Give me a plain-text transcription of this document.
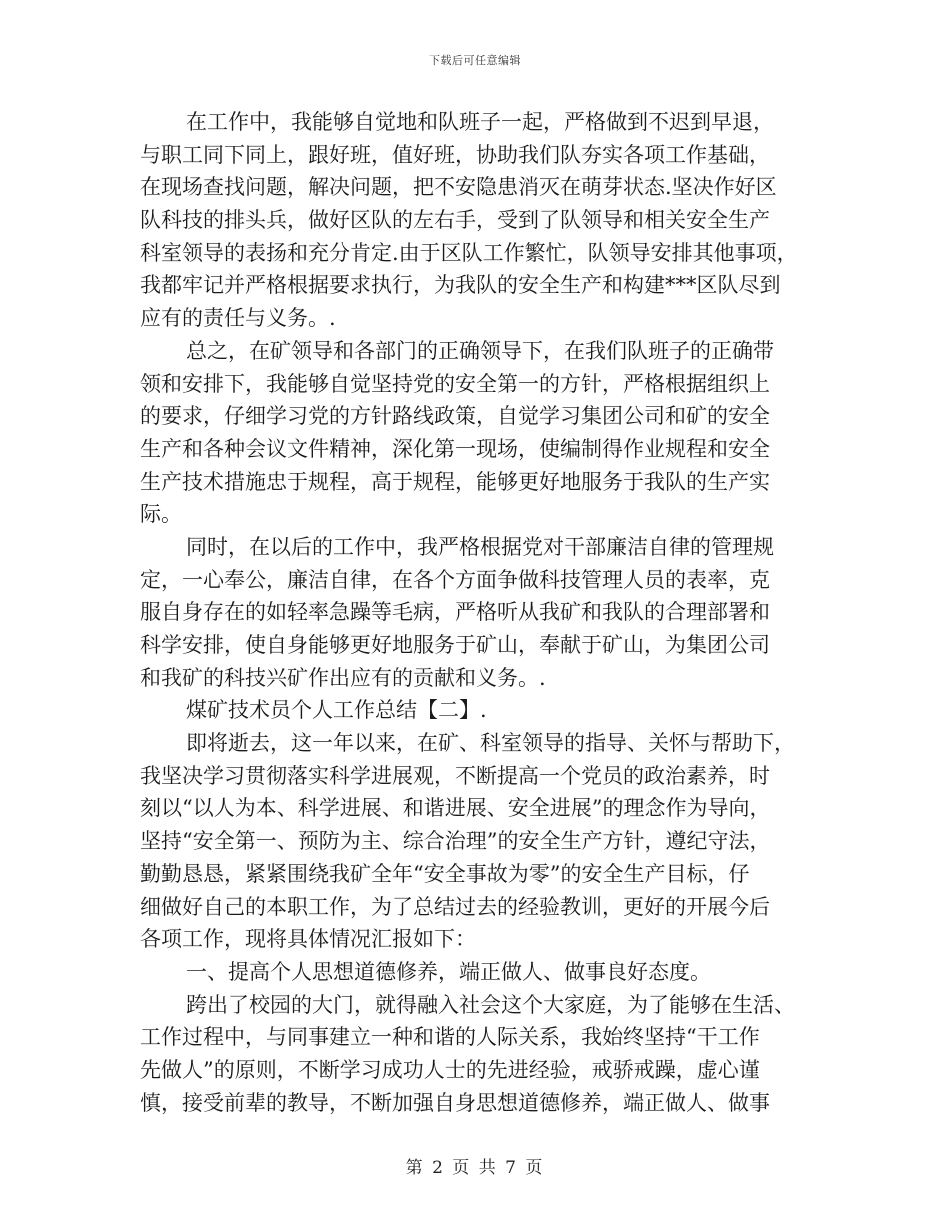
下载后可任意编辑
在工作中，我能够自觉地和队班子一起，严格做到不迟到早退，
与职工同下同上，跟好班，值好班，协助我们队夯实各项工作基础，
在现场查找问题，解决问题，把不安隐患消灭在萌芽状态.坚决作好区
队科技的排头兵，做好区队的左右手，受到了队领导和相关安全生产
科室领导的表扬和充分肯定.由于区队工作繁忙，队领导安排其他事项，
我都牢记并严格根据要求执行，为我队的安全生产和构建***区队尽到
应有的责任与义务。.
总之，在矿领导和各部门的正确领导下，在我们队班子的正确带
领和安排下，我能够自觉坚持党的安全第一的方针，严格根据组织上
的要求，仔细学习党的方针路线政策，自觉学习集团公司和矿的安全
生产和各种会议文件精神，深化第一现场，使编制得作业规程和安全
生产技术措施忠于规程，高于规程，能够更好地服务于我队的生产实
际。
同时，在以后的工作中，我严格根据党对干部廉洁自律的管理规
定，一心奉公，廉洁自律，在各个方面争做科技管理人员的表率，克
服自身存在的如轻率急躁等毛病，严格听从我矿和我队的合理部署和
科学安排，使自身能够更好地服务于矿山，奉献于矿山，为集团公司
和我矿的科技兴矿作出应有的贡献和义务。.
煤矿技术员个人工作总结【二】.
即将逝去，这一年以来，在矿、科室领导的指导、关怀与帮助下，
我坚决学习贯彻落实科学进展观，不断提高一个党员的政治素养，时
刻以“以人为本、科学进展、和谐进展、安全进展”的理念作为导向，
坚持“安全第一、预防为主、综合治理”的安全生产方针，遵纪守法，
勤勤恳恳，紧紧围绕我矿全年“安全事故为零”的安全生产目标，仔
细做好自己的本职工作，为了总结过去的经验教训，更好的开展今后
各项工作，现将具体情况汇报如下：
一、提高个人思想道德修养，端正做人、做事良好态度。
跨出了校园的大门，就得融入社会这个大家庭，为了能够在生活、
工作过程中，与同事建立一种和谐的人际关系，我始终坚持“干工作
先做人”的原则，不断学习成功人士的先进经验，戒骄戒躁，虚心谨
慎，接受前辈的教导，不断加强自身思想道德修养，端正做人、做事
第 2 页 共 7 页
